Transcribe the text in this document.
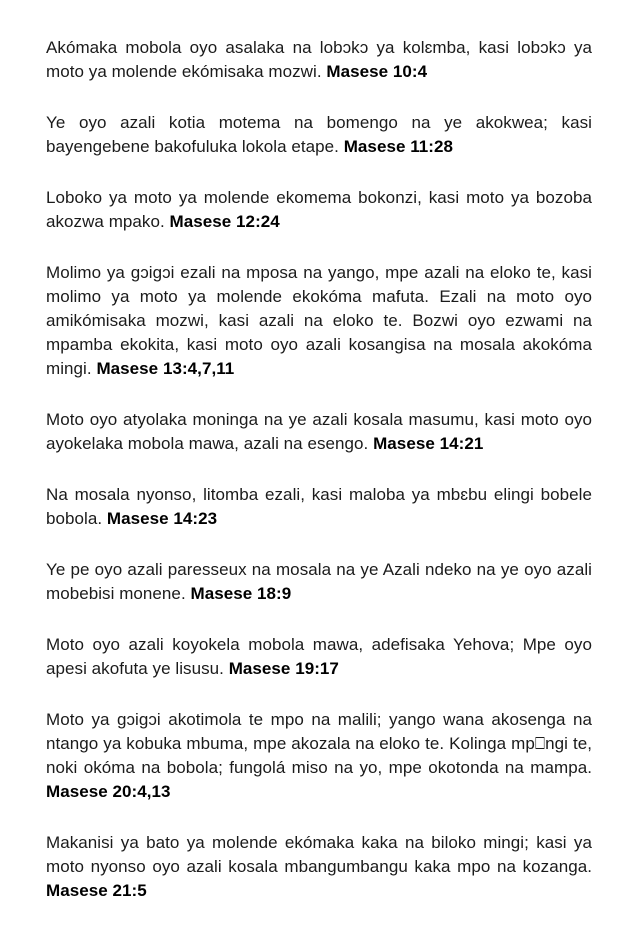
Akómaka mobola oyo asalaka na lobɔkɔ ya kolɛmba, kasi lobɔkɔ ya moto ya molende ekómisaka mozwi. Masese 10:4

Ye oyo azali kotia motema na bomengo na ye akokwea; kasi bayengebene bakofuluka lokola etape. Masese 11:28

Loboko ya moto ya molende ekomema bokonzi, kasi moto ya bozoba akozwa mpako. Masese 12:24

Molimo ya gɔigɔi ezali na mposa na yango, mpe azali na eloko te, kasi molimo ya moto ya molende ekokóma mafuta. Ezali na moto oyo amikómisaka mozwi, kasi azali na eloko te. Bozwi oyo ezwami na mpamba ekokita, kasi moto oyo azali kosangisa na mosala akokóma mingi. Masese 13:4,7,11

Moto oyo atyolaka moninga na ye azali kosala masumu, kasi moto oyo ayokelaka mobola mawa, azali na esengo. Masese 14:21

Na mosala nyonso, litomba ezali, kasi maloba ya mbɛbu elingi bobele bobola. Masese 14:23

Ye pe oyo azali paresseux na mosala na ye Azali ndeko na ye oyo azali mobebisi monene. Masese 18:9

Moto oyo azali koyokela mobola mawa, adefisaka Yehova; Mpe oyo apesi akofuta ye lisusu. Masese 19:17

Moto ya gɔigɔi akotimola te mpo na malili; yango wana akosenga na ntango ya kobuka mbuma, mpe akozala na eloko te. Kolinga mp⎕ngi te, noki okóma na bobola; fungolá miso na yo, mpe okotonda na mampa. Masese 20:4,13

Makanisi ya bato ya molende ekómaka kaka na biloko mingi; kasi ya moto nyonso oyo azali kosala mbangumbangu kaka mpo na kozanga. Masese 21:5
